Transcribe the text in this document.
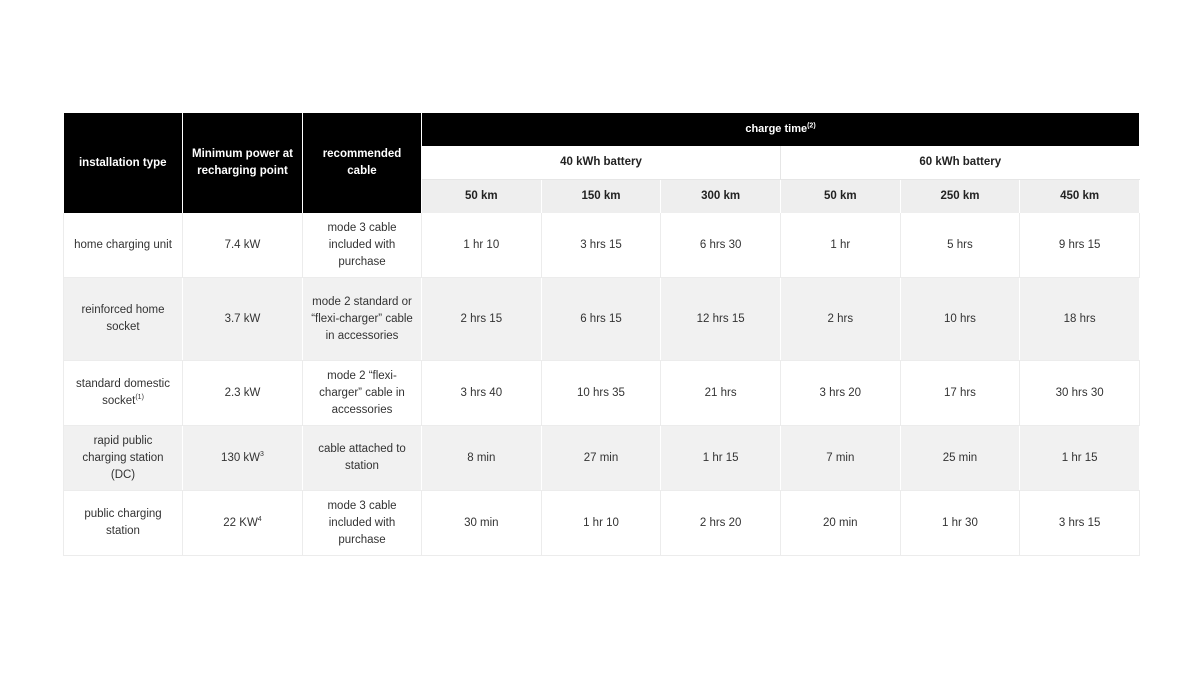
installation type	Minimum power at recharging point	recommended cable	charge time$^{(2)}$
			40 kWh battery			60 kWh battery		
			50 km	150 km	300 km	50 km	250 km	450 km
home charging unit	7.4 kW	mode 3 cable included with purchase	1 hr 10	3 hrs 15	6 hrs 30	1 hr	5 hrs	9 hrs 15
reinforced home socket	3.7 kW	mode 2 standard or “flexi-charger” cable in accessories	2 hrs 15	6 hrs 15	12 hrs 15	2 hrs	10 hrs	18 hrs
standard domestic socket$^{(1)}$	2.3 kW	mode 2 “flexi-charger” cable in accessories	3 hrs 40	10 hrs 35	21 hrs	3 hrs 20	17 hrs	30 hrs 30
rapid public charging station (DC)	130 $kW^3$	cable attached to station	8 min	27 min	1 hr 15	7 min	25 min	1 hr 15
public charging station	22 $KW^4$	mode 3 cable included with purchase	30 min	1 hr 10	2 hrs 20	20 min	1 hr 30	3 hrs 15
